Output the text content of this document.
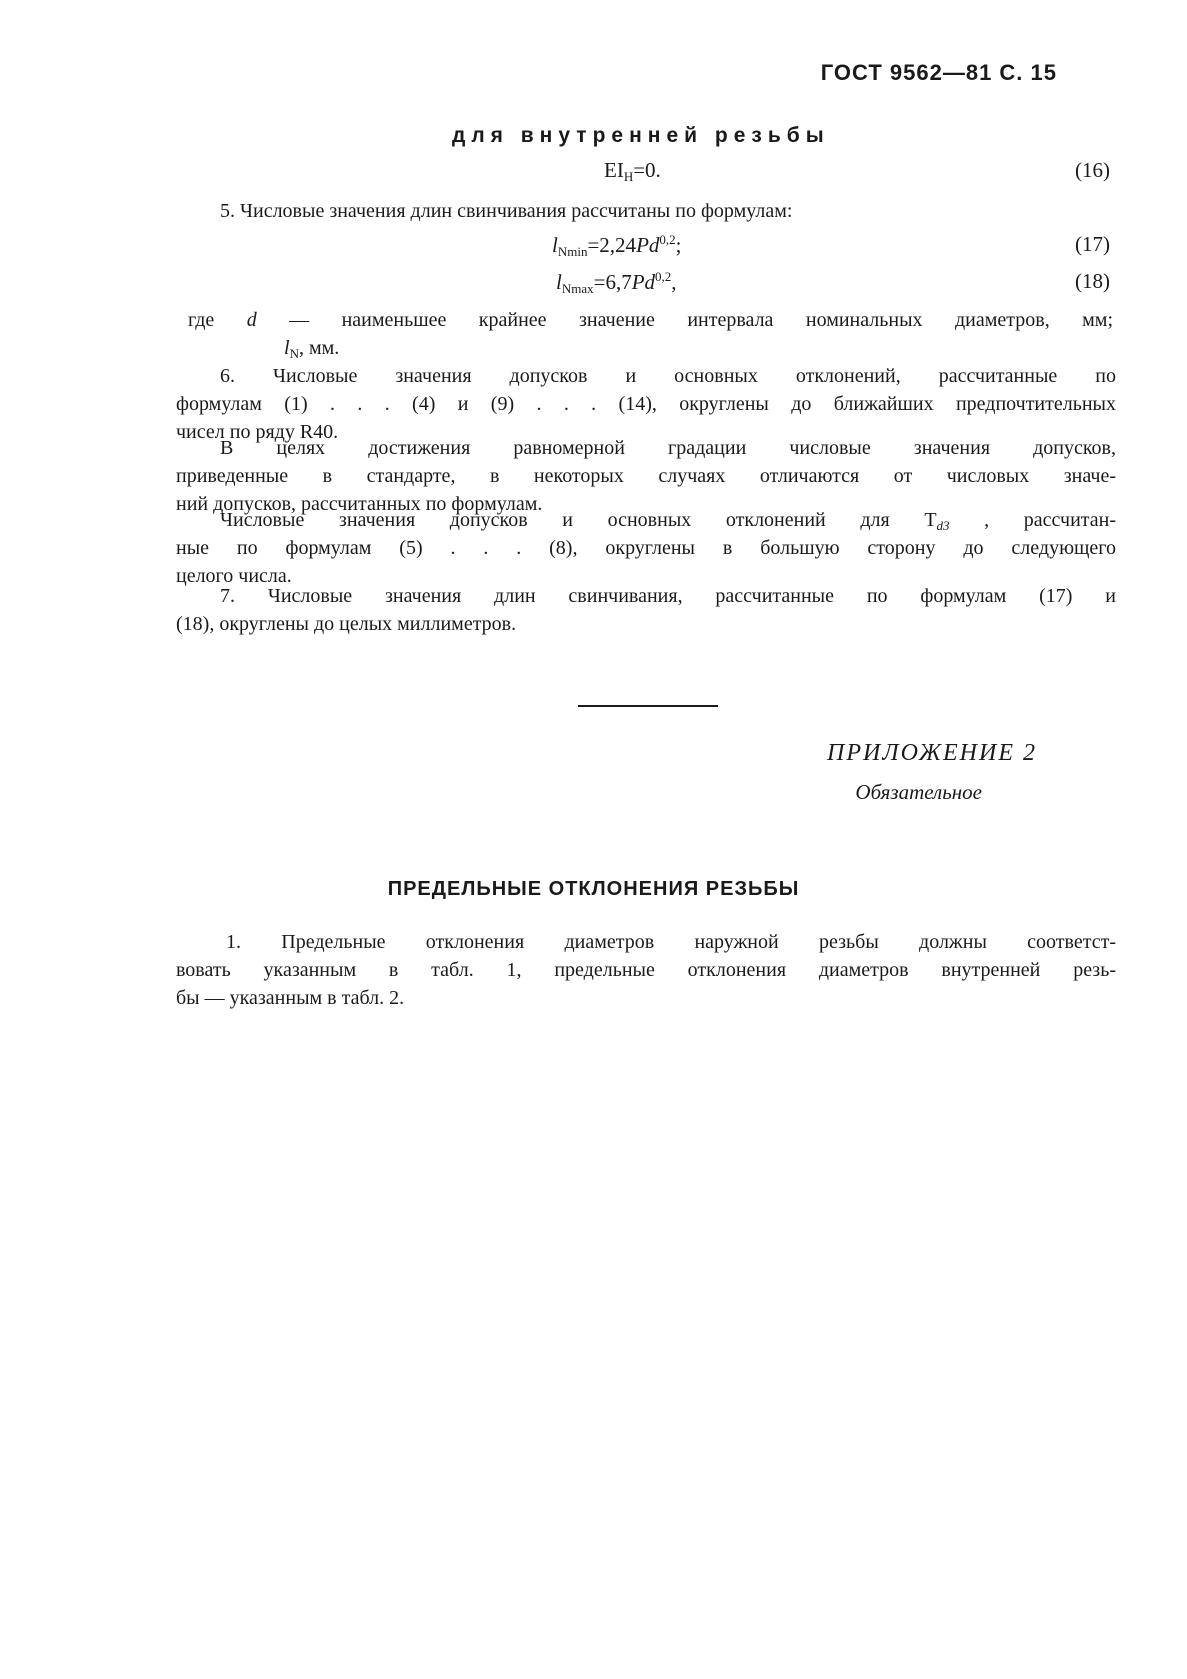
ГОСТ 9562—81 С. 15
для внутренней резьбы
$EI_H=0$.	(16)
5. Числовые значения длин свинчивания рассчитаны по формулам:
$l_{Nmin}=2,24Pd^{0,2}$;	(17)
$l_{Nmax}=6,7Pd^{0,2}$,	(18)
где d — наименьшее крайнее значение интервала номинальных диаметров, мм;
$l_N$, мм.
6. Числовые значения допусков и основных отклонений, рассчитанные по
формулам (1) . . . (4) и (9) . . . (14), округлены до ближайших предпочтительных
чисел по ряду R40.
В целях достижения равномерной градации числовые значения допусков,
приведенные в стандарте, в некоторых случаях отличаются от числовых значе-
ний допусков, рассчитанных по формулам.
Числовые значения допусков и основных отклонений для $T_{d3}$ , рассчитан-
ные по формулам (5) . . . (8), округлены в большую сторону до следующего
целого числа.
7. Числовые значения длин свинчивания, рассчитанные по формулам (17) и
(18), округлены до целых миллиметров.
ПРИЛОЖЕНИЕ 2
Обязательное
ПРЕДЕЛЬНЫЕ ОТКЛОНЕНИЯ РЕЗЬБЫ
1. Предельные отклонения диаметров наружной резьбы должны соответст-
вовать указанным в табл. 1, предельные отклонения диаметров внутренней резь-
бы — указанным в табл. 2.
